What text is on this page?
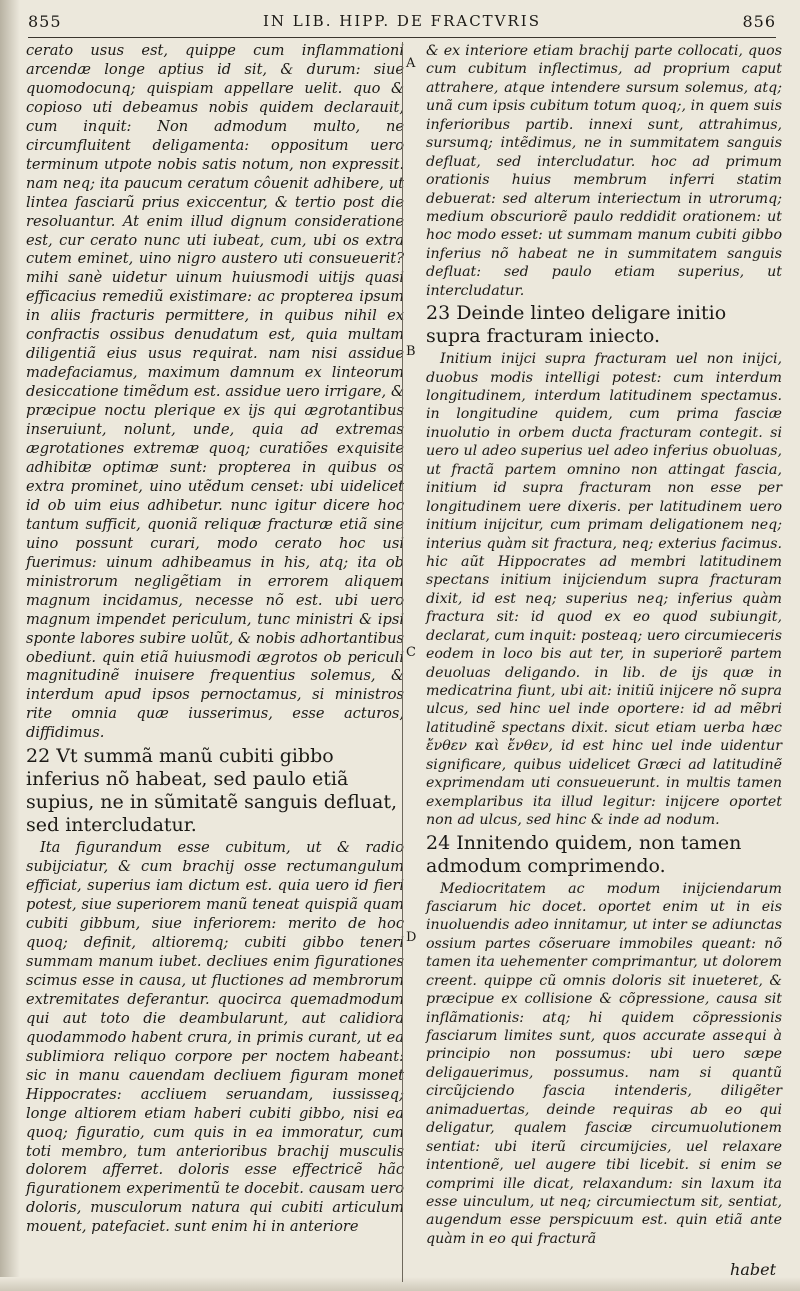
855	IN LIB. HIPP. DE FRACTVRIS	856

cerato usus est, quippe cum inflammationi arcendæ longe aptius id sit, & durum: siue quomodocunq; quispiam appellare uelit. quo & copioso uti debeamus nobis quidem declarauit, cum inquit: Non admodum multo, ne circumfluitent deligamenta: oppositum uero terminum utpote nobis satis notum, non expressit. nam neq; ita paucum ceratum côuenit adhibere, ut lintea fasciarũ prius exiccentur, & tertio post die resoluantur. At enim illud dignum consideratione est, cur cerato nunc uti iubeat, cum, ubi os extra cutem eminet, uino nigro austero uti consueuerit? mihi sanè uidetur uinum huiusmodi uitijs quasi efficacius remediũ existimare: ac propterea ipsum in aliis fracturis permittere, in quibus nihil ex confractis ossibus denudatum est, quia multam diligentiã eius usus requirat. nam nisi assidue madefaciamus, maximum damnum ex linteorum desiccatione timẽdum est. assidue uero irrigare, & præcipue noctu plerique ex ijs qui ægrotantibus inseruiunt, nolunt, unde, quia ad extremas ægrotationes extremæ quoq; curatiões exquisite adhibitæ optimæ sunt: propterea in quibus os extra prominet, uino utẽdum censet: ubi uidelicet id ob uim eius adhibetur. nunc igitur dicere hoc tantum sufficit, quoniã reliquæ fracturæ etiã sine uino possunt curari, modo cerato hoc usi fuerimus: uinum adhibeamus in his, atq; ita ob ministrorum negligẽtiam in errorem aliquem magnum incidamus, necesse nõ est. ubi uero magnum impendet periculum, tunc ministri & ipsi sponte labores subire uolũt, & nobis adhortantibus obediunt. quin etiã huiusmodi ægrotos ob periculi magnitudinẽ inuisere frequentius solemus, & interdum apud ipsos pernoctamus, si ministros rite omnia quæ iusserimus, esse acturos, diffidimus.

22 Vt summã manũ cubiti gibbo inferius nõ habeat, sed paulo etiã supius, ne in sũmitatẽ sanguis defluat, sed intercludatur.

Ita figurandum esse cubitum, ut & radio subijciatur, & cum brachij osse rectumangulum efficiat, superius iam dictum est. quia uero id fieri potest, siue superiorem manũ teneat quispiã quam cubiti gibbum, siue inferiorem: merito de hoc quoq; definit, altioremq; cubiti gibbo teneri summam manum iubet. decliues enim figurationes scimus esse in causa, ut fluctiones ad membrorum extremitates deferantur. quocirca quemadmodum qui aut toto die deambularunt, aut calidiora quodammodo habent crura, in primis curant, ut ea sublimiora reliquo corpore per noctem habeant: sic in manu cauendam decliuem figuram monet Hippocrates: accliuem seruandam, iussisseq; longe altiorem etiam haberi cubiti gibbo, nisi ea quoq; figuratio, cum quis in ea immoratur, cum toti membro, tum anterioribus brachij musculis dolorem afferret. doloris esse effectricẽ hãc figurationem experimentũ te docebit. causam uero doloris, musculorum natura qui cubiti articulum mouent, patefaciet. sunt enim hi in anteriore

& ex interiore etiam brachij parte collocati, quos cum cubitum inflectimus, ad proprium caput attrahere, atque intendere sursum solemus, atq; unã cum ipsis cubitum totum quoq;, in quem suis inferioribus partib. innexi sunt, attrahimus, sursumq; intẽdimus, ne in summitatem sanguis defluat, sed intercludatur. hoc ad primum orationis huius membrum inferri statim debuerat: sed alterum interiectum in utrorumq; medium obscuriorẽ paulo reddidit orationem: ut hoc modo esset: ut summam manum cubiti gibbo inferius nõ habeat ne in summitatem sanguis defluat: sed paulo etiam superius, ut intercludatur.

23 Deinde linteo deligare initio supra fracturam iniecto.

Initium inijci supra fracturam uel non inijci, duobus modis intelligi potest: cum interdum longitudinem, interdum latitudinem spectamus. in longitudine quidem, cum prima fasciæ inuolutio in orbem ducta fracturam contegit. si uero ul adeo superius uel adeo inferius obuoluas, ut fractã partem omnino non attingat fascia, initium id supra fracturam non esse per longitudinem uere dixeris. per latitudinem uero initium inijcitur, cum primam deligationem neq; interius quàm sit fractura, neq; exterius facimus. hic aũt Hippocrates ad membri latitudinem spectans initium inijciendum supra fracturam dixit, id est neq; superius neq; inferius quàm fractura sit: id quod ex eo quod subiungit, declarat, cum inquit: posteaq; uero circumieceris eodem in loco bis aut ter, in superiorẽ partem deuoluas deligando. in lib. de ijs quæ in medicatrina fiunt, ubi ait: initiũ inijcere nõ supra ulcus, sed hinc uel inde oportere: id ad mẽbri latitudinẽ spectans dixit. sicut etiam uerba hæc ἔνθεν καὶ ἔνθεν, id est hinc uel inde uidentur significare, quibus uidelicet Græci ad latitudinẽ exprimendam uti consueuerunt. in multis tamen exemplaribus ita illud legitur: inijcere oportet non ad ulcus, sed hinc & inde ad nodum.

24 Innitendo quidem, non tamen admodum comprimendo.

Mediocritatem ac modum inijciendarum fasciarum hic docet. oportet enim ut in eis inuoluendis adeo innitamur, ut inter se adiunctas ossium partes cõseruare immobiles queant: nõ tamen ita uehementer comprimantur, ut dolorem creent. quippe cũ omnis doloris sit inueteret, & præcipue ex collisione & cõpressione, causa sit inflãmationis: atq; hi quidem cõpressionis fasciarum limites sunt, quos accurate assequi à principio non possumus: ubi uero sæpe deligauerimus, possumus. nam si quantũ circũjciendo fascia intenderis, diligẽter animaduertas, deinde requiras ab eo qui deligatur, qualem fasciæ circumuolutionem sentiat: ubi iterũ circumijcies, uel relaxare intentionẽ, uel augere tibi licebit. si enim se comprimi ille dicat, relaxandum: sin laxum ita esse uinculum, ut neq; circumiectum sit, sentiat, augendum esse perspicuum est. quin etiã ante quàm in eo qui fracturã

A
B
C
D
habet
